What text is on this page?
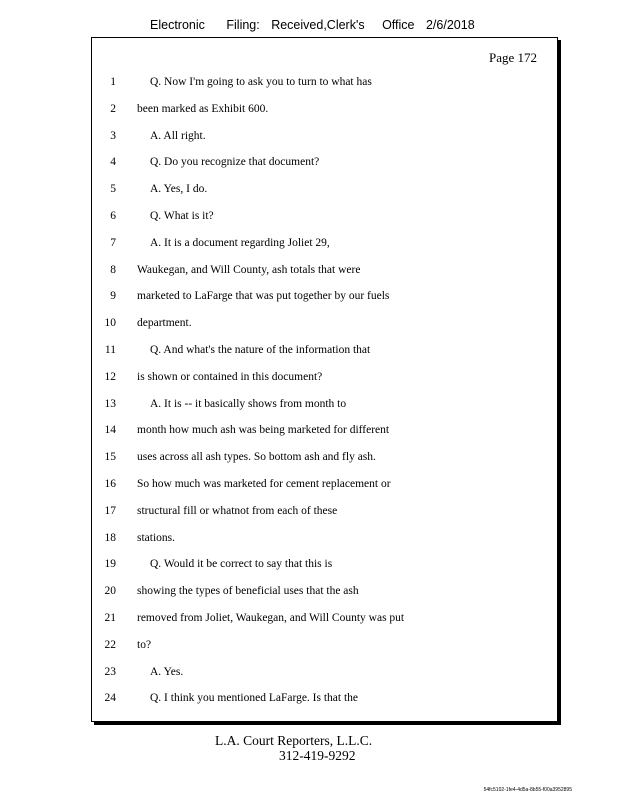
Electronic Filing: Received,Clerk's Office 2/6/2018
Page 172
1	Q. Now I'm going to ask you to turn to what has
2 been marked as Exhibit 600.
3	A. All right.
4	Q. Do you recognize that document?
5	A. Yes, I do.
6	Q. What is it?
7	A. It is a document regarding Joliet 29,
8 Waukegan, and Will County, ash totals that were
9 marketed to LaFarge that was put together by our fuels
10 department.
11	Q. And what's the nature of the information that
12 is shown or contained in this document?
13	A. It is -- it basically shows from month to
14 month how much ash was being marketed for different
15 uses across all ash types. So bottom ash and fly ash.
16 So how much was marketed for cement replacement or
17 structural fill or whatnot from each of these
18 stations.
19	Q. Would it be correct to say that this is
20 showing the types of beneficial uses that the ash
21 removed from Joliet, Waukegan, and Will County was put
22 to?
23	A. Yes.
24	Q. I think you mentioned LaFarge. Is that the
L.A. Court Reporters, L.L.C.
312-419-9292
54fc5102-1fe4-4d5a-8b55-f00a3952895
